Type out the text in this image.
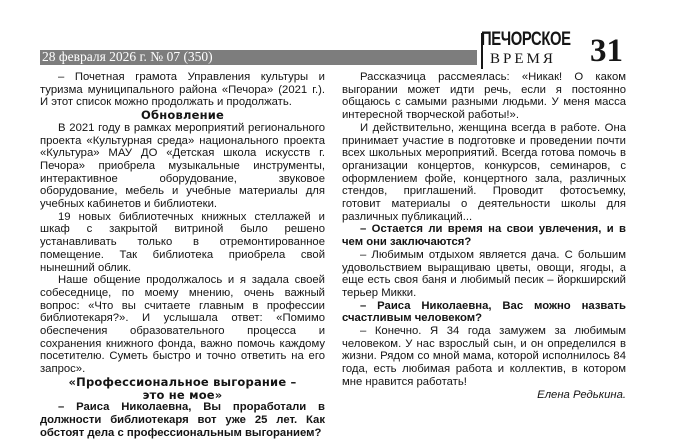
28 февраля 2026 г. № 07 (350)
ПЕЧОРСКОЕ
ВРЕМЯ 31

– Почетная грамота Управления культуры и туризма муниципального района «Печора» (2021 г.). И этот список можно продолжать и продолжать.

Обновление

В 2021 году в рамках мероприятий регионального проекта «Культурная среда» национального проекта «Культура» МАУ ДО «Детская школа искусств г. Печора» приобрела музыкальные инструменты, интерактивное оборудование, звуковое оборудование, мебель и учебные материалы для учебных кабинетов и библиотеки.

19 новых библиотечных книжных стеллажей и шкаф с закрытой витриной было решено устанавливать только в отремонтированное помещение. Так библиотека приобрела свой нынешний облик.

Наше общение продолжалось и я задала своей собеседнице, по моему мнению, очень важный вопрос: «Что вы считаете главным в профессии библиотекаря?». И услышала ответ: «Помимо обеспечения образовательного процесса и сохранения книжного фонда, важно помочь каждому посетителю. Суметь быстро и точно ответить на его запрос».

«Профессиональное выгорание –
это не мое»

– Раиса Николаевна, Вы проработали в должности библиотекаря вот уже 25 лет. Как обстоят дела с профессиональным выгоранием?

Рассказчица рассмеялась: «Никак! О каком выгорании может идти речь, если я постоянно общаюсь с самыми разными людьми. У меня масса интересной творческой работы!».

И действительно, женщина всегда в работе. Она принимает участие в подготовке и проведении почти всех школьных мероприятий. Всегда готова помочь в организации концертов, конкурсов, семинаров, с оформлением фойе, концертного зала, различных стендов, приглашений. Проводит фотосъемку, готовит материалы о деятельности школы для различных публикаций...

– Остается ли время на свои увлечения, и в чем они заключаются?

– Любимым отдыхом является дача. С большим удовольствием выращиваю цветы, овощи, ягоды, а еще есть своя баня и любимый песик – йоркширский терьер Микки.

– Раиса Николаевна, Вас можно назвать счастливым человеком?

– Конечно. Я 34 года замужем за любимым человеком. У нас взрослый сын, и он определился в жизни. Рядом со мной мама, которой исполнилось 84 года, есть любимая работа и коллектив, в котором мне нравится работать!

Елена Редькина.
